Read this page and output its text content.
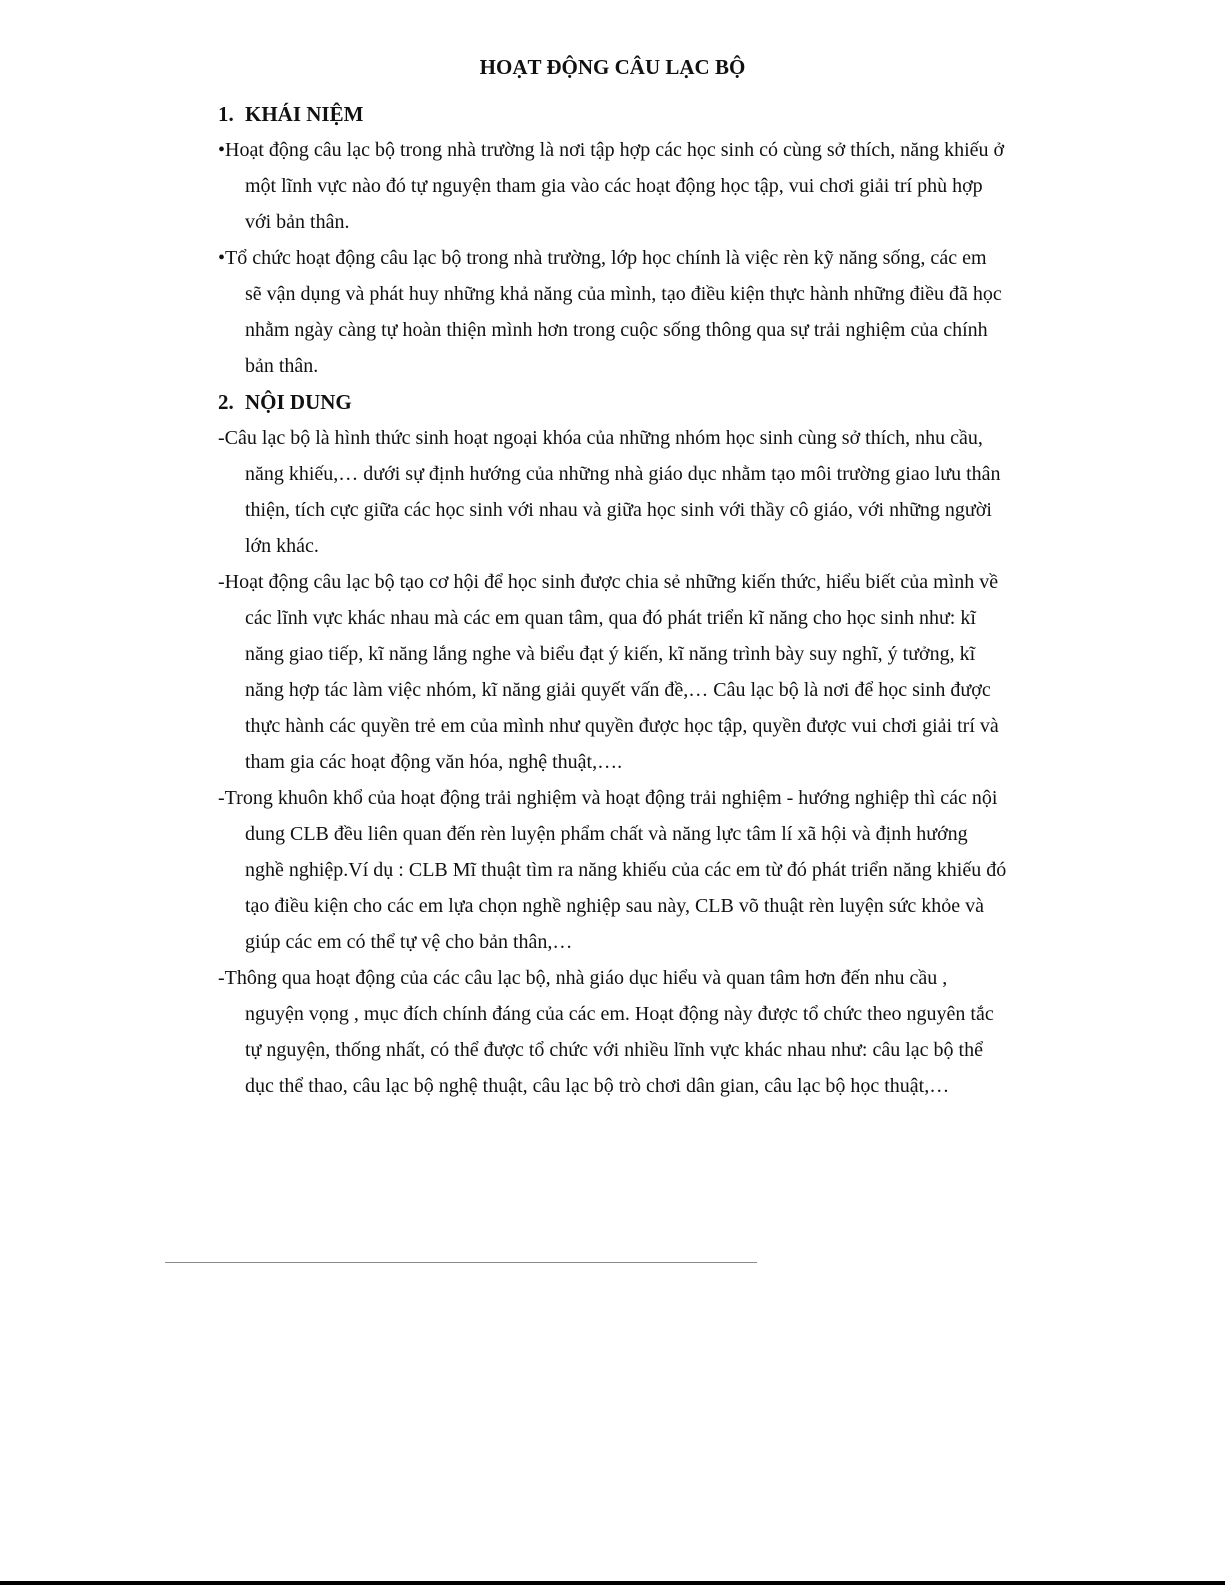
HOẠT ĐỘNG CÂU LẠC BỘ

1. KHÁI NIỆM

•Hoạt động câu lạc bộ trong nhà trường là nơi tập hợp các học sinh có cùng sở thích, năng khiếu ở một lĩnh vực nào đó tự nguyện tham gia vào các hoạt động học tập, vui chơi giải trí phù hợp với bản thân.

•Tổ chức hoạt động câu lạc bộ trong nhà trường, lớp học chính là việc rèn kỹ năng sống, các em sẽ vận dụng và phát huy những khả năng của mình, tạo điều kiện thực hành những điều đã học nhằm ngày càng tự hoàn thiện mình hơn trong cuộc sống thông qua sự trải nghiệm của chính bản thân.

2. NỘI DUNG

-Câu lạc bộ là hình thức sinh hoạt ngoại khóa của những nhóm học sinh cùng sở thích, nhu cầu, năng khiếu,… dưới sự định hướng của những nhà giáo dục nhằm tạo môi trường giao lưu thân thiện, tích cực giữa các học sinh với nhau và giữa học sinh với thầy cô giáo, với những người lớn khác.

-Hoạt động câu lạc bộ tạo cơ hội để học sinh được chia sẻ những kiến thức, hiểu biết của mình về các lĩnh vực khác nhau mà các em quan tâm, qua đó phát triển kĩ năng cho học sinh như: kĩ năng giao tiếp, kĩ năng lắng nghe và biểu đạt ý kiến, kĩ năng trình bày suy nghĩ, ý tưởng, kĩ năng hợp tác làm việc nhóm, kĩ năng giải quyết vấn đề,… Câu lạc bộ là nơi để học sinh được thực hành các quyền trẻ em của mình như quyền được học tập, quyền được vui chơi giải trí và tham gia các hoạt động văn hóa, nghệ thuật,….

-Trong khuôn khổ của hoạt động trải nghiệm và hoạt động trải nghiệm - hướng nghiệp thì các nội dung CLB đều liên quan đến rèn luyện phẩm chất và năng lực tâm lí xã hội và định hướng nghề nghiệp.Ví dụ : CLB Mĩ thuật tìm ra năng khiếu của các em từ đó phát triển năng khiếu đó tạo điều kiện cho các em lựa chọn nghề nghiệp sau này, CLB võ thuật rèn luyện sức khỏe và giúp các em có thể tự vệ cho bản thân,…

-Thông qua hoạt động của các câu lạc bộ, nhà giáo dục hiểu và quan tâm hơn đến nhu cầu , nguyện vọng , mục đích chính đáng của các em. Hoạt động này được tổ chức theo nguyên tắc tự nguyện, thống nhất, có thể được tổ chức với nhiều lĩnh vực khác nhau như: câu lạc bộ thể dục thể thao, câu lạc bộ nghệ thuật, câu lạc bộ trò chơi dân gian, câu lạc bộ học thuật,…
